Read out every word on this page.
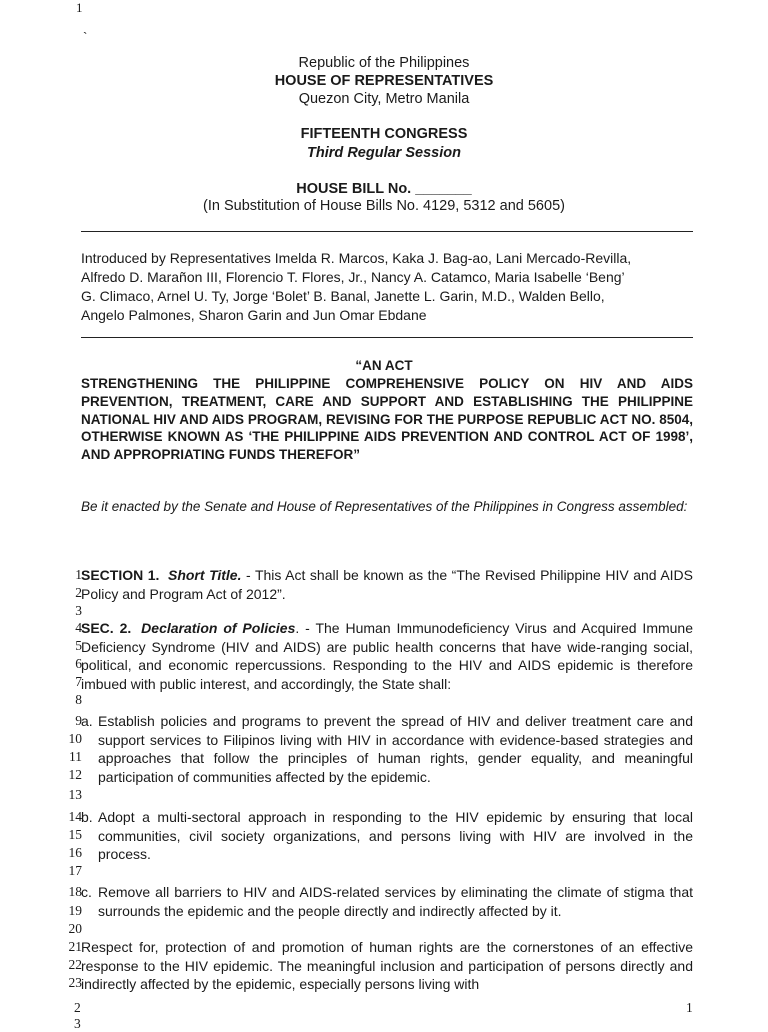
1
`
Republic of the Philippines
HOUSE OF REPRESENTATIVES
Quezon City, Metro Manila
FIFTEENTH CONGRESS
Third Regular Session
HOUSE BILL No. _______
(In Substitution of House Bills No. 4129, 5312 and 5605)
Introduced by Representatives Imelda R. Marcos, Kaka J. Bag-ao, Lani Mercado-Revilla,
Alfredo D. Marañon III, Florencio T. Flores, Jr., Nancy A. Catamco, Maria Isabelle ‘Beng’
G. Climaco, Arnel U. Ty, Jorge ‘Bolet’ B. Banal, Janette L. Garin, M.D., Walden Bello,
Angelo Palmones, Sharon Garin and Jun Omar Ebdane
“AN ACT
STRENGTHENING THE PHILIPPINE COMPREHENSIVE POLICY ON HIV AND AIDS PREVENTION, TREATMENT, CARE AND SUPPORT AND ESTABLISHING THE PHILIPPINE NATIONAL HIV AND AIDS PROGRAM, REVISING FOR THE PURPOSE REPUBLIC ACT NO. 8504, OTHERWISE KNOWN AS ‘THE PHILIPPINE AIDS PREVENTION AND CONTROL ACT OF 1998’, AND APPROPRIATING FUNDS THEREFOR”
Be it enacted by the Senate and House of Representatives of the Philippines in Congress assembled:
1
2
3
4
5
6
7
8
9
10
11
12
13
14
15
16
17
18
19
20
21
22
23
SECTION 1. Short Title. - This Act shall be known as the “The Revised Philippine HIV and AIDS Policy and Program Act of 2012”.
SEC. 2. Declaration of Policies. - The Human Immunodeficiency Virus and Acquired Immune Deficiency Syndrome (HIV and AIDS) are public health concerns that have wide-ranging social, political, and economic repercussions. Responding to the HIV and AIDS epidemic is therefore imbued with public interest, and accordingly, the State shall:
a. Establish policies and programs to prevent the spread of HIV and deliver treatment care and support services to Filipinos living with HIV in accordance with evidence-based strategies and approaches that follow the principles of human rights, gender equality, and meaningful participation of communities affected by the epidemic.
b. Adopt a multi-sectoral approach in responding to the HIV epidemic by ensuring that local communities, civil society organizations, and persons living with HIV are involved in the process.
c. Remove all barriers to HIV and AIDS-related services by eliminating the climate of stigma that surrounds the epidemic and the people directly and indirectly affected by it.
Respect for, protection of and promotion of human rights are the cornerstones of an effective response to the HIV epidemic. The meaningful inclusion and participation of persons directly and indirectly affected by the epidemic, especially persons living with
2	1
3
